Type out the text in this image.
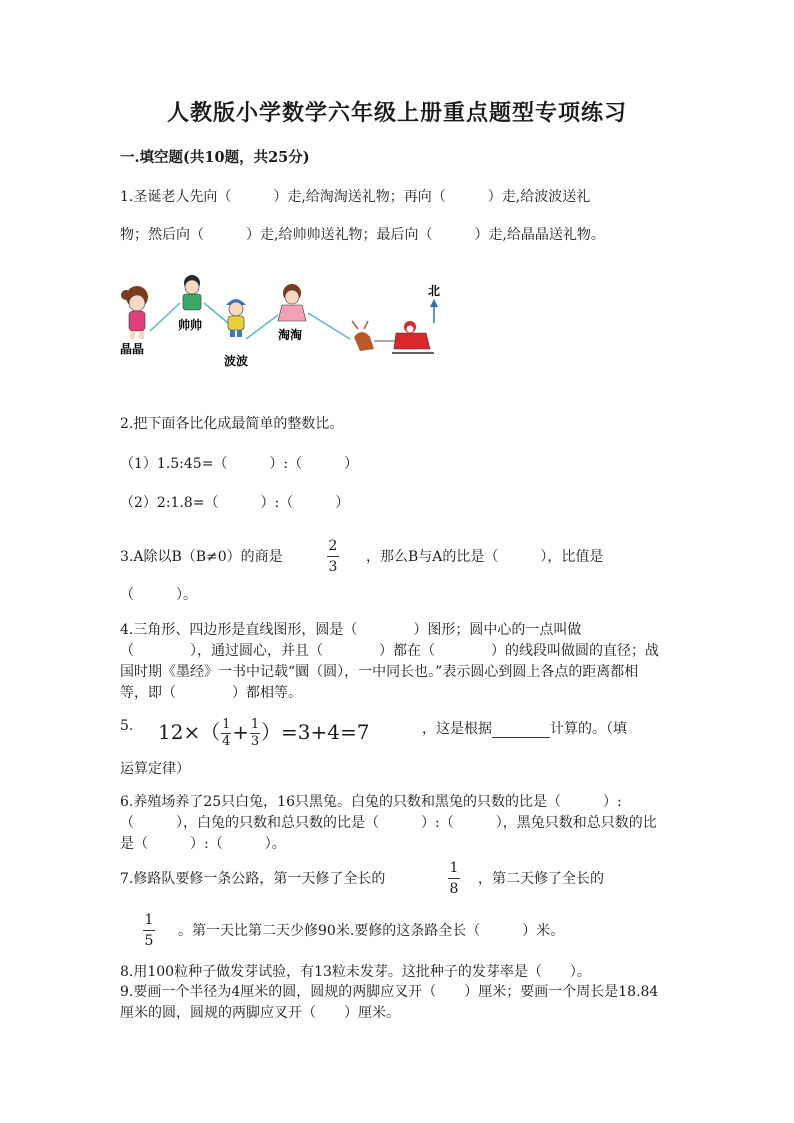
人教版小学数学六年级上册重点题型专项练习
一.填空题(共10题，共25分)
1.圣诞老人先向（　　　）走,给淘淘送礼物；再向（　　　）走,给波波送礼
物；然后向（　　　）走,给帅帅送礼物；最后向（　　　）走,给晶晶送礼物。
晶晶
帅帅
波波
淘淘
北
2.把下面各比化成最简单的整数比。
（1）1.5:45=（　　　）:（　　　）
（2）2:1.8=（　　　）:（　　　）
3.A除以B（B≠0）的商是
2
3
，那么B与A的比是（　　　），比值是
（　　　）。
4.三角形、四边形是直线图形，圆是（　　　　）图形；圆中心的一点叫做（　　　　），通过圆心，并且（　　　　）都在（　　　　）的线段叫做圆的直径；战国时期《墨经》一书中记载“圜（圆），一中同长也。”表示圆心到圆上各点的距离都相等，即（　　　　）都相等。
5. $12\times( \frac{1}{4} + \frac{1}{3} )=3+4=7$	，这是根据	计算的。（填
运算定律）
6.养殖场养了25只白兔，16只黑兔。白兔的只数和黑兔的只数的比是（　　　）:（　　　），白兔的只数和总只数的比是（　　　）:（　　　），黑兔只数和总只数的比是（　　　）:（　　　）。
7.修路队要修一条公路，第一天修了全长的
1
8
，第二天修了全长的
1
5
。第一天比第二天少修90米.要修的这条路全长（　　　）米。
8.用100粒种子做发芽试验，有13粒未发芽。这批种子的发芽率是（　　）。
9.要画一个半径为4厘米的圆，圆规的两脚应叉开（　　）厘米；要画一个周长是18.84厘米的圆，圆规的两脚应叉开（　　）厘米。
